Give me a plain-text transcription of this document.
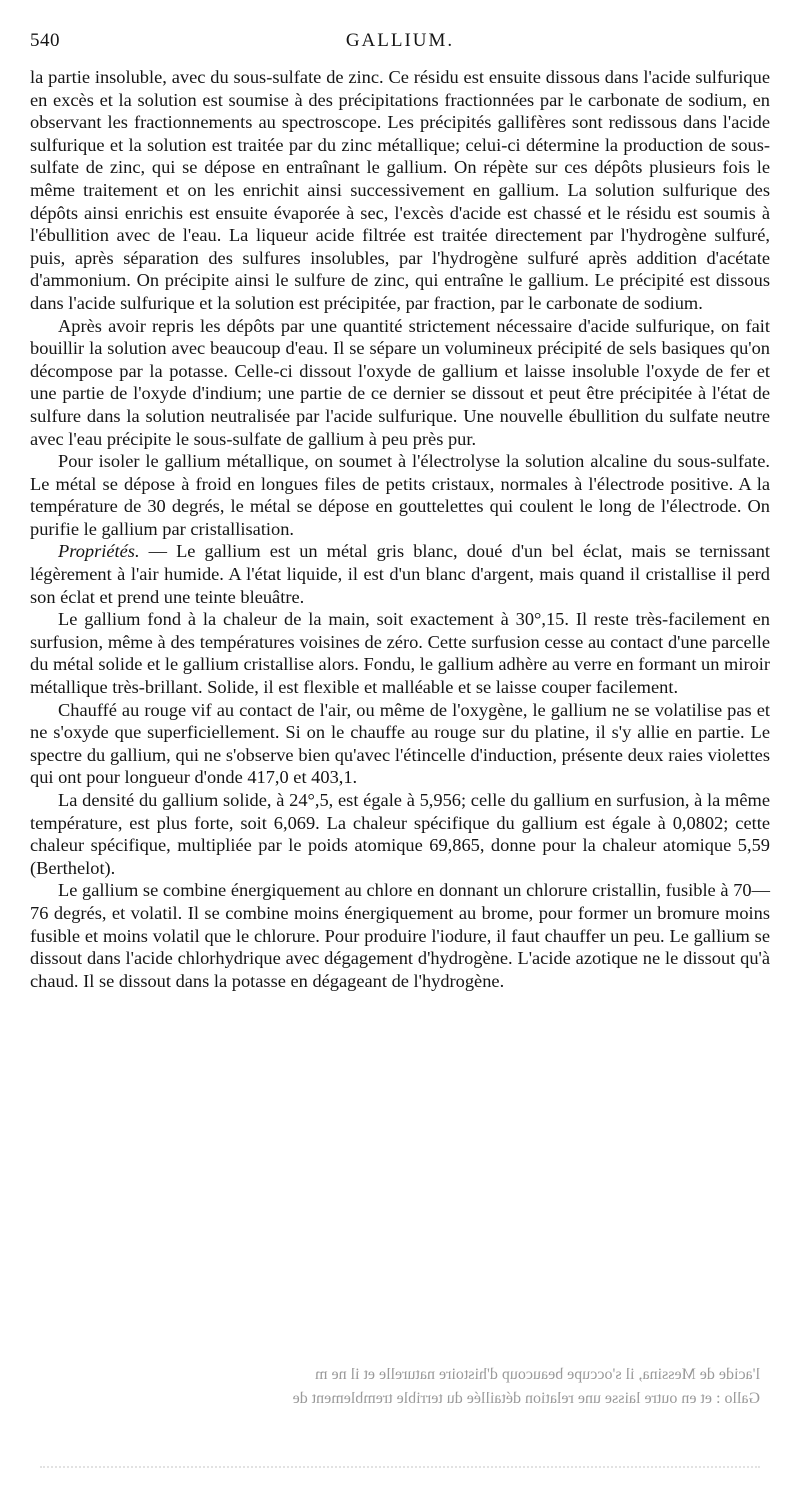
540	GALLIUM.

la partie insoluble, avec du sous-sulfate de zinc. Ce résidu est ensuite dissous dans l'acide sulfurique en excès et la solution est soumise à des précipitations fractionnées par le carbonate de sodium, en observant les fractionnements au spectroscope. Les précipités gallifères sont redissous dans l'acide sulfurique et la solution est traitée par du zinc métallique; celui-ci détermine la production de sous-sulfate de zinc, qui se dépose en entraînant le gallium. On répète sur ces dépôts plusieurs fois le même traitement et on les enrichit ainsi successivement en gallium. La solution sulfurique des dépôts ainsi enrichis est ensuite évaporée à sec, l'excès d'acide est chassé et le résidu est soumis à l'ébullition avec de l'eau. La liqueur acide filtrée est traitée directement par l'hydrogène sulfuré, puis, après séparation des sulfures insolubles, par l'hydrogène sulfuré après addition d'acétate d'ammonium. On précipite ainsi le sulfure de zinc, qui entraîne le gallium. Le précipité est dissous dans l'acide sulfurique et la solution est précipitée, par fraction, par le carbonate de sodium.

Après avoir repris les dépôts par une quantité strictement nécessaire d'acide sulfurique, on fait bouillir la solution avec beaucoup d'eau. Il se sépare un volumineux précipité de sels basiques qu'on décompose par la potasse. Celle-ci dissout l'oxyde de gallium et laisse insoluble l'oxyde de fer et une partie de l'oxyde d'indium; une partie de ce dernier se dissout et peut être précipitée à l'état de sulfure dans la solution neutralisée par l'acide sulfurique. Une nouvelle ébullition du sulfate neutre avec l'eau précipite le sous-sulfate de gallium à peu près pur.

Pour isoler le gallium métallique, on soumet à l'électrolyse la solution alcaline du sous-sulfate. Le métal se dépose à froid en longues files de petits cristaux, normales à l'électrode positive. A la température de 30 degrés, le métal se dépose en gouttelettes qui coulent le long de l'électrode. On purifie le gallium par cristallisation.

Propriétés. — Le gallium est un métal gris blanc, doué d'un bel éclat, mais se ternissant légèrement à l'air humide. A l'état liquide, il est d'un blanc d'argent, mais quand il cristallise il perd son éclat et prend une teinte bleuâtre.

Le gallium fond à la chaleur de la main, soit exactement à 30°,15. Il reste très-facilement en surfusion, même à des températures voisines de zéro. Cette surfusion cesse au contact d'une parcelle du métal solide et le gallium cristallise alors. Fondu, le gallium adhère au verre en formant un miroir métallique très-brillant. Solide, il est flexible et malléable et se laisse couper facilement.

Chauffé au rouge vif au contact de l'air, ou même de l'oxygène, le gallium ne se volatilise pas et ne s'oxyde que superficiellement. Si on le chauffe au rouge sur du platine, il s'y allie en partie. Le spectre du gallium, qui ne s'observe bien qu'avec l'étincelle d'induction, présente deux raies violettes qui ont pour longueur d'onde 417,0 et 403,1.

La densité du gallium solide, à 24°,5, est égale à 5,956; celle du gallium en surfusion, à la même température, est plus forte, soit 6,069. La chaleur spécifique du gallium est égale à 0,0802; cette chaleur spécifique, multipliée par le poids atomique 69,865, donne pour la chaleur atomique 5,59 (Berthelot).

Le gallium se combine énergiquement au chlore en donnant un chlorure cristallin, fusible à 70—76 degrés, et volatil. Il se combine moins énergiquement au brome, pour former un bromure moins fusible et moins volatil que le chlorure. Pour produire l'iodure, il faut chauffer un peu. Le gallium se dissout dans l'acide chlorhydrique avec dégagement d'hydrogène. L'acide azotique ne le dissout qu'à chaud. Il se dissout dans la potasse en dégageant de l'hydrogène.

l'acide de Messina, il s'occupe beaucoup d'histoire naturelle et il ne m
Gallo : et en outre laisse une relation détaillée du terrible tremblement de
